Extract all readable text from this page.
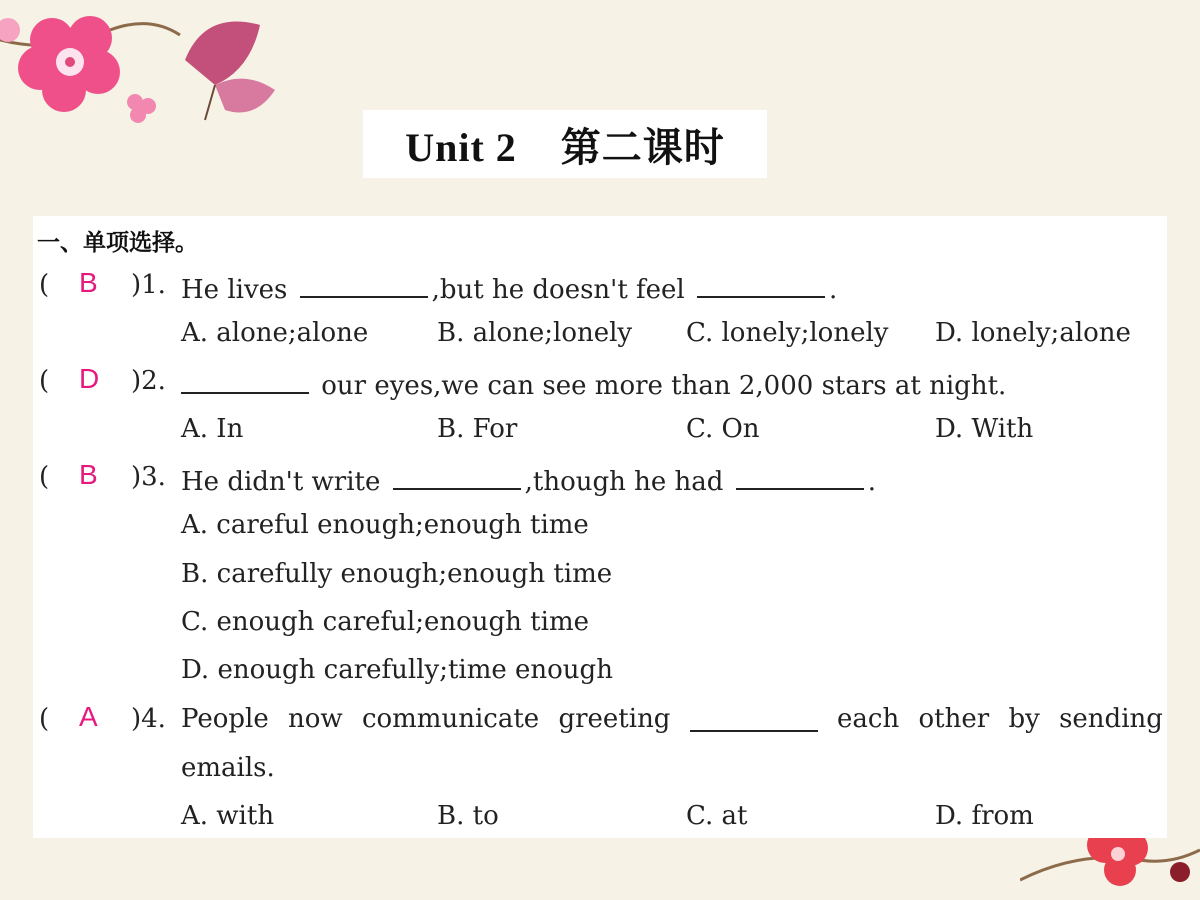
Unit 2    第二课时
一、单项选择。
( B )1. He lives	,but he doesn't feel	.
A. alone;alone	B. alone;lonely C. lonely;lonely D. lonely;alone
( D )2.	our eyes,we can see more than 2,000 stars at night.
A. In	B. For	C. On	D. With
( B )3. He didn't write	,though he had	.
A. careful enough;enough time
B. carefully enough;enough time
C. enough careful;enough time
D. enough carefully;time enough
( A )4. People now communicate greeting	each other by sending
emails.
A. with	B. to	C. at	D. from
